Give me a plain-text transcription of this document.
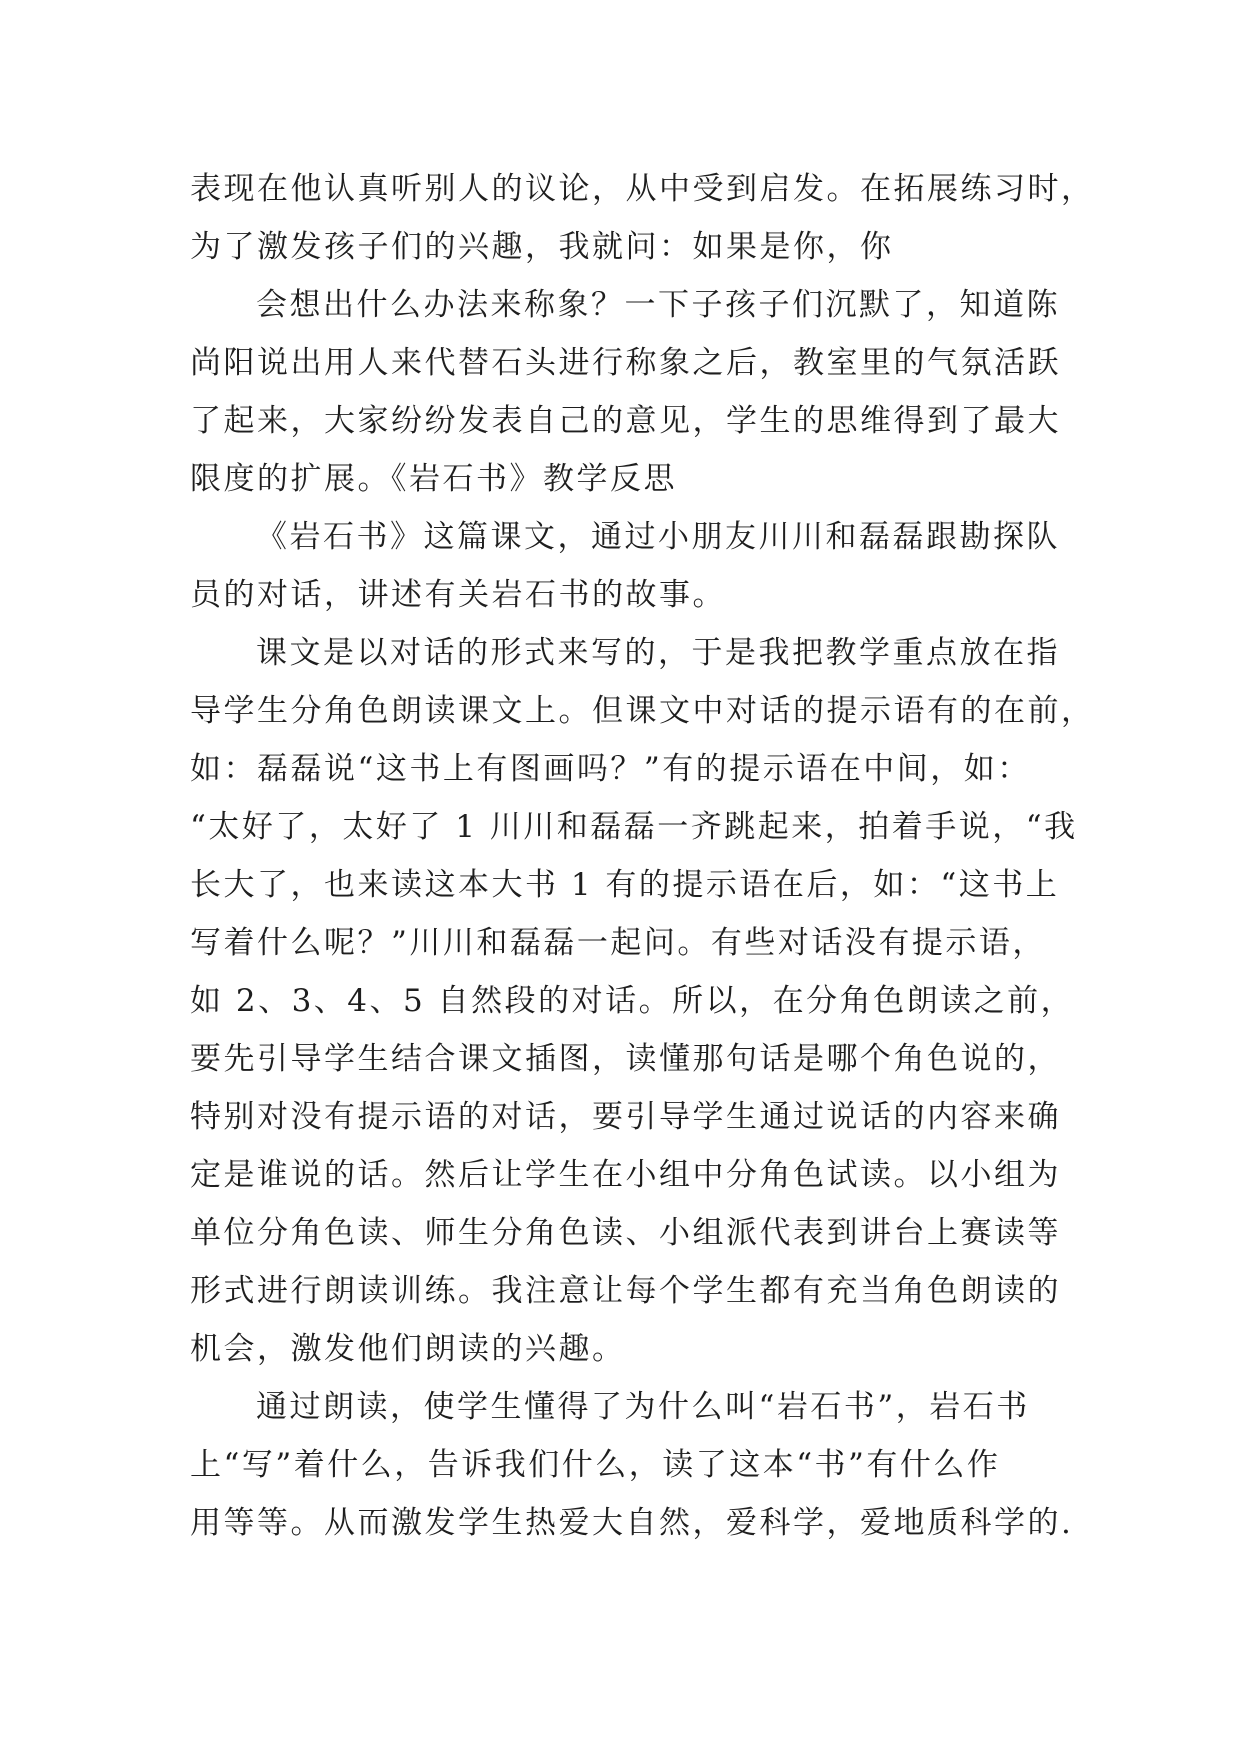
表现在他认真听别人的议论，从中受到启发。在拓展练习时，
为了激发孩子们的兴趣，我就问：如果是你，你
会想出什么办法来称象？一下子孩子们沉默了，知道陈
尚阳说出用人来代替石头进行称象之后，教室里的气氛活跃
了起来，大家纷纷发表自己的意见，学生的思维得到了最大
限度的扩展。《岩石书》教学反思
《岩石书》这篇课文，通过小朋友川川和磊磊跟勘探队
员的对话，讲述有关岩石书的故事。
课文是以对话的形式来写的，于是我把教学重点放在指
导学生分角色朗读课文上。但课文中对话的提示语有的在前，
如：磊磊说“这书上有图画吗？”有的提示语在中间，如：
“太好了，太好了 1 川川和磊磊一齐跳起来，拍着手说，“我
长大了，也来读这本大书 1 有的提示语在后，如：“这书上
写着什么呢？”川川和磊磊一起问。有些对话没有提示语，
如 2、3、4、5 自然段的对话。所以，在分角色朗读之前，
要先引导学生结合课文插图，读懂那句话是哪个角色说的，
特别对没有提示语的对话，要引导学生通过说话的内容来确
定是谁说的话。然后让学生在小组中分角色试读。以小组为
单位分角色读、师生分角色读、小组派代表到讲台上赛读等
形式进行朗读训练。我注意让每个学生都有充当角色朗读的
机会，激发他们朗读的兴趣。
通过朗读，使学生懂得了为什么叫“岩石书”，岩石书
上“写”着什么，告诉我们什么，读了这本“书”有什么作
用等等。从而激发学生热爱大自然，爱科学，爱地质科学的.
